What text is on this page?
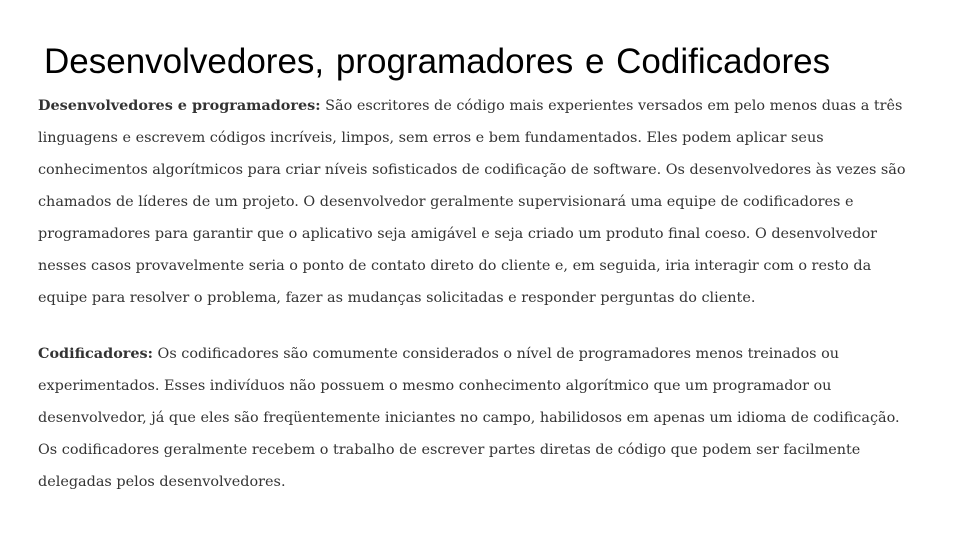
Desenvolvedores, programadores e Codificadores

Desenvolvedores e programadores: São escritores de código mais experientes versados em pelo menos duas a três linguagens e escrevem códigos incríveis, limpos, sem erros e bem fundamentados. Eles podem aplicar seus conhecimentos algorítmicos para criar níveis sofisticados de codificação de software. Os desenvolvedores às vezes são chamados de líderes de um projeto. O desenvolvedor geralmente supervisionará uma equipe de codificadores e programadores para garantir que o aplicativo seja amigável e seja criado um produto final coeso. O desenvolvedor nesses casos provavelmente seria o ponto de contato direto do cliente e, em seguida, iria interagir com o resto da equipe para resolver o problema, fazer as mudanças solicitadas e responder perguntas do cliente.

Codificadores: Os codificadores são comumente considerados o nível de programadores menos treinados ou experimentados. Esses indivíduos não possuem o mesmo conhecimento algorítmico que um programador ou desenvolvedor, já que eles são freqüentemente iniciantes no campo, habilidosos em apenas um idioma de codificação. Os codificadores geralmente recebem o trabalho de escrever partes diretas de código que podem ser facilmente delegadas pelos desenvolvedores.
